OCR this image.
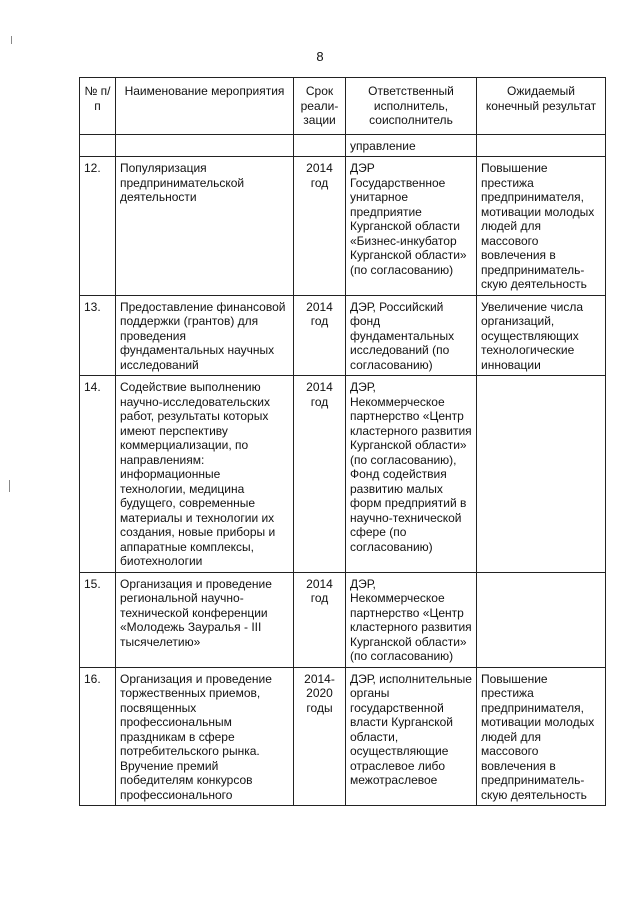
8
№ п/п	Наименование мероприятия	Срок реали-зации	Ответственный исполнитель, соисполнитель	Ожидаемый конечный результат
			управление	
12.	Популяризация предпринимательской деятельности	2014 год	ДЭР Государственное унитарное предприятие Курганской области «Бизнес-инкубатор Курганской области» (по согласованию)	Повышение престижа предпринимателя, мотивации молодых людей для массового вовлечения в предприниматель-скую деятельность
13.	Предоставление финансовой поддержки (грантов) для проведения фундаментальных научных исследований	2014 год	ДЭР, Российский фонд фундаментальных исследований (по согласованию)	Увеличение числа организаций, осуществляющих технологические инновации
14.	Содействие выполнению научно-исследовательских работ, результаты которых имеют перспективу коммерциализации, по направлениям: информационные технологии, медицина будущего, современные материалы и технологии их создания, новые приборы и аппаратные комплексы, биотехнологии	2014 год	ДЭР, Некоммерческое партнерство «Центр кластерного развития Курганской области» (по согласованию), Фонд содействия развитию малых форм предприятий в научно-технической сфере (по согласованию)	
15.	Организация и проведение региональной научно-технической конференции «Молодежь Зауралья - III тысячелетию»	2014 год	ДЭР, Некоммерческое партнерство «Центр кластерного развития Курганской области» (по согласованию)	
16.	Организация и проведение торжественных приемов, посвященных профессиональным праздникам в сфере потребительского рынка. Вручение премий победителям конкурсов профессионального	2014-2020 годы	ДЭР, исполнительные органы государственной власти Курганской области, осуществляющие отраслевое либо межотраслевое	Повышение престижа предпринимателя, мотивации молодых людей для массового вовлечения в предприниматель-скую деятельность
